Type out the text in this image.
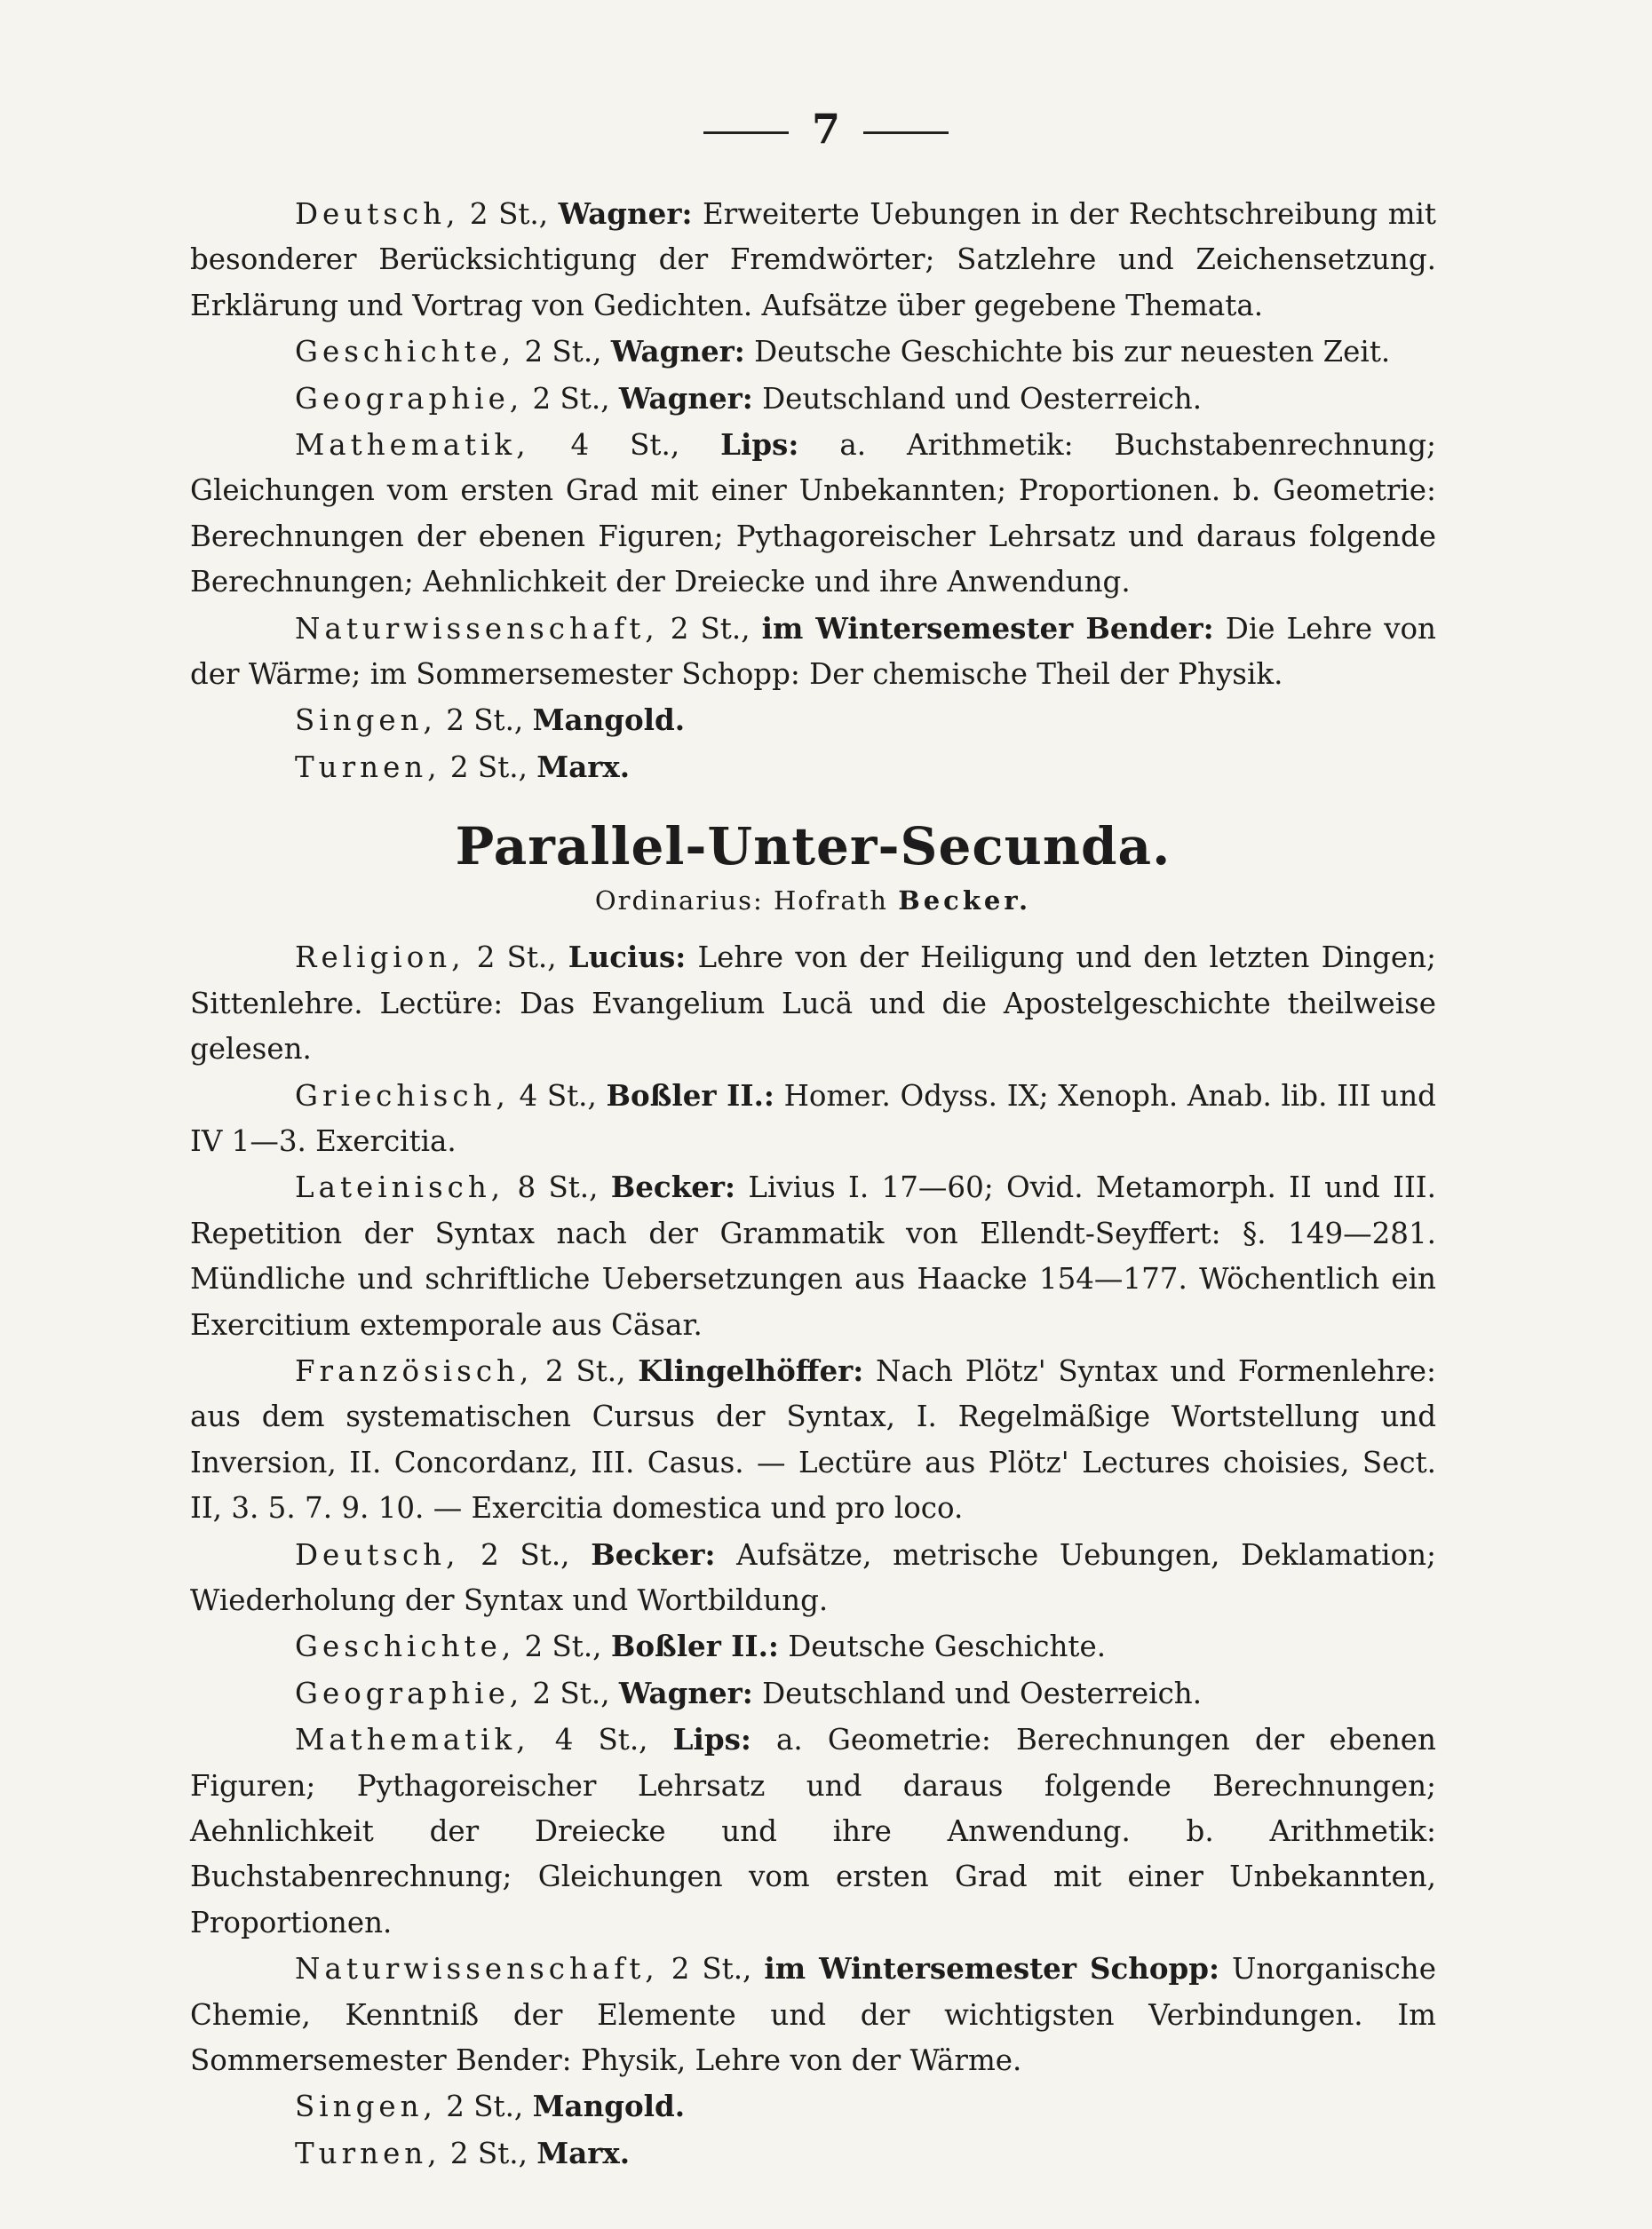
7

Deutsch, 2 St., Wagner: Erweiterte Uebungen in der Rechtschreibung mit besonderer Berücksichtigung der Fremdwörter; Satzlehre und Zeichensetzung. Erklärung und Vortrag von Gedichten. Aufsätze über gegebene Themata.

Geschichte, 2 St., Wagner: Deutsche Geschichte bis zur neuesten Zeit.

Geographie, 2 St., Wagner: Deutschland und Oesterreich.

Mathematik, 4 St., Lips: a. Arithmetik: Buchstabenrechnung; Gleichungen vom ersten Grad mit einer Unbekannten; Proportionen. b. Geometrie: Berechnungen der ebenen Figuren; Pythagoreischer Lehrsatz und daraus folgende Berechnungen; Aehnlichkeit der Dreiecke und ihre Anwendung.

Naturwissenschaft, 2 St., im Wintersemester Bender: Die Lehre von der Wärme; im Sommersemester Schopp: Der chemische Theil der Physik.

Singen, 2 St., Mangold.

Turnen, 2 St., Marx.

Parallel-Unter-Secunda.
Ordinarius: Hofrath Becker.

Religion, 2 St., Lucius: Lehre von der Heiligung und den letzten Dingen; Sittenlehre. Lectüre: Das Evangelium Lucä und die Apostelgeschichte theilweise gelesen.

Griechisch, 4 St., Boßler II.: Homer. Odyss. IX; Xenoph. Anab. lib. III und IV 1—3. Exercitia.

Lateinisch, 8 St., Becker: Livius I. 17—60; Ovid. Metamorph. II und III. Repetition der Syntax nach der Grammatik von Ellendt-Seyffert: §. 149—281. Mündliche und schriftliche Uebersetzungen aus Haacke 154—177. Wöchentlich ein Exercitium extemporale aus Cäsar.

Französisch, 2 St., Klingelhöffer: Nach Plötz' Syntax und Formenlehre: aus dem systematischen Cursus der Syntax, I. Regelmäßige Wortstellung und Inversion, II. Concordanz, III. Casus. — Lectüre aus Plötz' Lectures choisies, Sect. II, 3. 5. 7. 9. 10. — Exercitia domestica und pro loco.

Deutsch, 2 St., Becker: Aufsätze, metrische Uebungen, Deklamation; Wiederholung der Syntax und Wortbildung.

Geschichte, 2 St., Boßler II.: Deutsche Geschichte.

Geographie, 2 St., Wagner: Deutschland und Oesterreich.

Mathematik, 4 St., Lips: a. Geometrie: Berechnungen der ebenen Figuren; Pythagoreischer Lehrsatz und daraus folgende Berechnungen; Aehnlichkeit der Dreiecke und ihre Anwendung. b. Arithmetik: Buchstabenrechnung; Gleichungen vom ersten Grad mit einer Unbekannten, Proportionen.

Naturwissenschaft, 2 St., im Wintersemester Schopp: Unorganische Chemie, Kenntniß der Elemente und der wichtigsten Verbindungen. Im Sommersemester Bender: Physik, Lehre von der Wärme.

Singen, 2 St., Mangold.

Turnen, 2 St., Marx.
